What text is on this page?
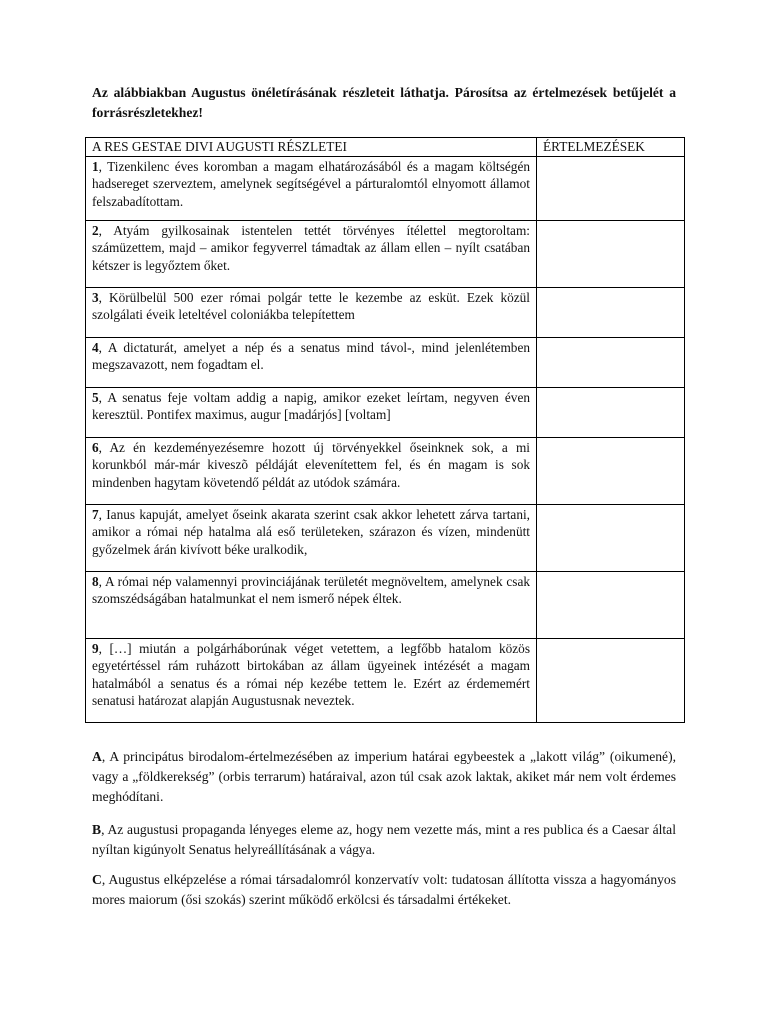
Az alábbiakban Augustus önéletírásának részleteit láthatja. Párosítsa az értelmezések betűjelét a forrásrészletekhez!
A RES GESTAE DIVI AUGUSTI RÉSZLETEI	ÉRTELMEZÉSEK
1, Tizenkilenc éves koromban a magam elhatározásából és a magam költségén hadsereget szerveztem, amelynek segítségével a párturalomtól elnyomott államot felszabadítottam.	
2, Atyám gyilkosainak istentelen tettét törvényes ítélettel megtoroltam: számüzettem, majd – amikor fegyverrel támadtak az állam ellen – nyílt csatában kétszer is legyőztem őket.	
3, Körülbelül 500 ezer római polgár tette le kezembe az esküt. Ezek közül szolgálati éveik leteltével coloniákba telepítettem	
4, A dictaturát, amelyet a nép és a senatus mind távol-, mind jelenlétemben megszavazott, nem fogadtam el.	
5, A senatus feje voltam addig a napig, amikor ezeket leírtam, negyven éven keresztül. Pontifex maximus, augur [madárjós] [voltam]	
6, Az én kezdeményezésemre hozott új törvényekkel őseinknek sok, a mi korunkból már-már kiveszõ példáját elevenítettem fel, és én magam is sok mindenben hagytam követendő példát az utódok számára.	
7, Ianus kapuját, amelyet őseink akarata szerint csak akkor lehetett zárva tartani, amikor a római nép hatalma alá eső területeken, szárazon és vízen, mindenütt győzelmek árán kivívott béke uralkodik,	
8, A római nép valamennyi provinciájának területét megnöveltem, amelynek csak szomszédságában hatalmunkat el nem ismerő népek éltek.	
9, […] miután a polgárháborúnak véget vetettem, a legfőbb hatalom közös egyetértéssel rám ruházott birtokában az állam ügyeinek intézését a magam hatalmából a senatus és a római nép kezébe tettem le. Ezért az érdememért senatusi határozat alapján Augustusnak neveztek.	
A, A principátus birodalom-értelmezésében az imperium határai egybeestek a „lakott világ” (oikumené), vagy a „földkerekség” (orbis terrarum) határaival, azon túl csak azok laktak, akiket már nem volt érdemes meghódítani.
B, Az augustusi propaganda lényeges eleme az, hogy nem vezette más, mint a res publica és a Caesar által nyíltan kigúnyolt Senatus helyreállításának a vágya.
C, Augustus elképzelése a római társadalomról konzervatív volt: tudatosan állította vissza a hagyományos mores maiorum (ősi szokás) szerint működő erkölcsi és társadalmi értékeket.
